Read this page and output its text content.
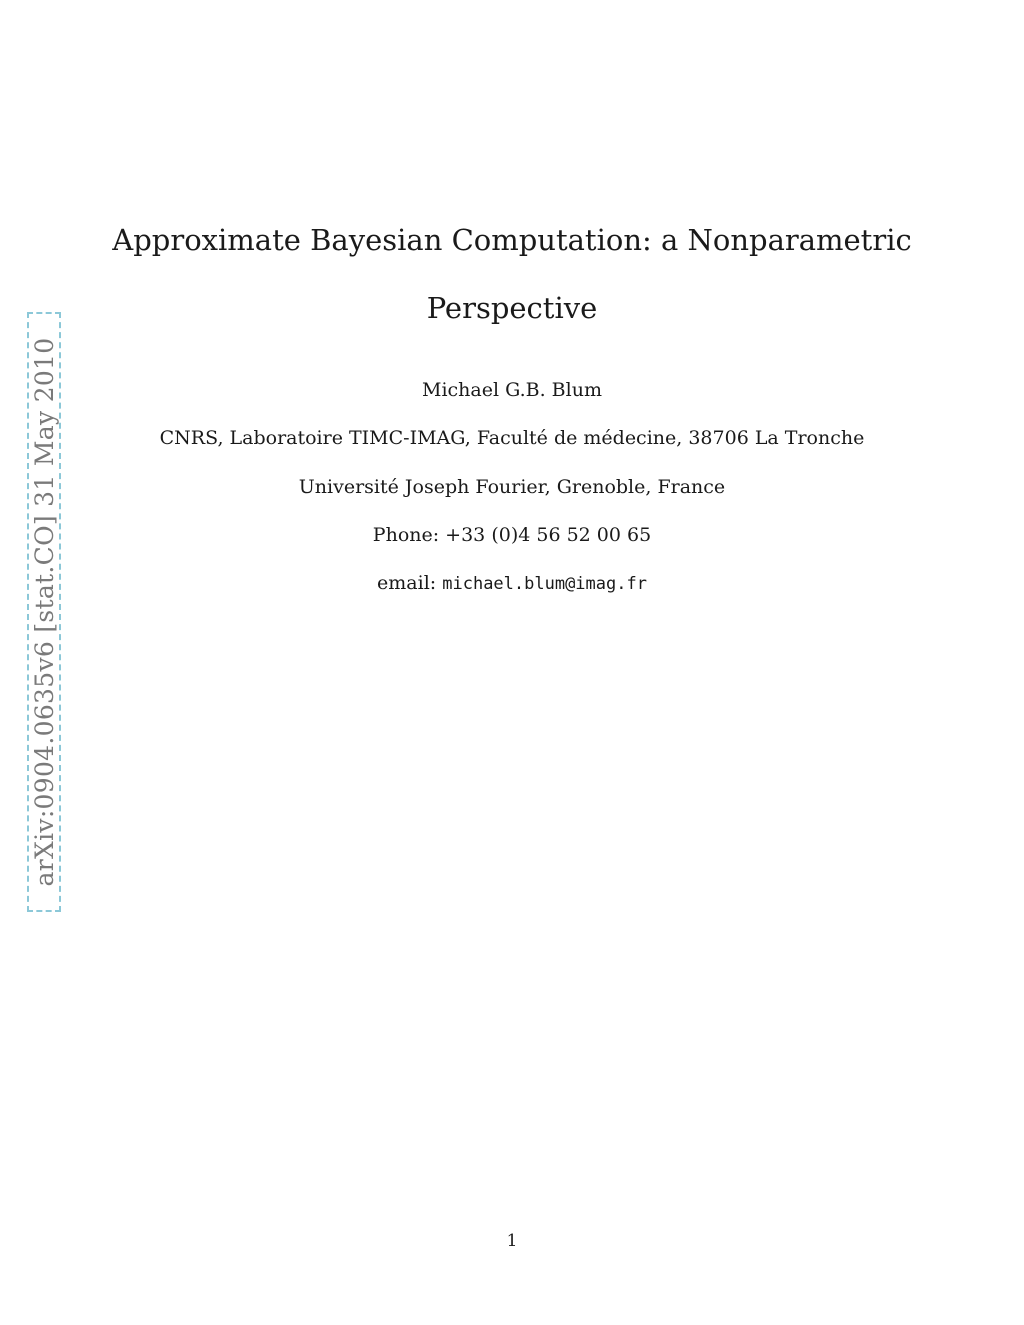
arXiv:0904.0635v6 [stat.CO] 31 May 2010
Approximate Bayesian Computation: a Nonparametric
Perspective
Michael G.B. Blum
CNRS, Laboratoire TIMC-IMAG, Faculté de médecine, 38706 La Tronche
Université Joseph Fourier, Grenoble, France
Phone: +33 (0)4 56 52 00 65
email: michael.blum@imag.fr
1
